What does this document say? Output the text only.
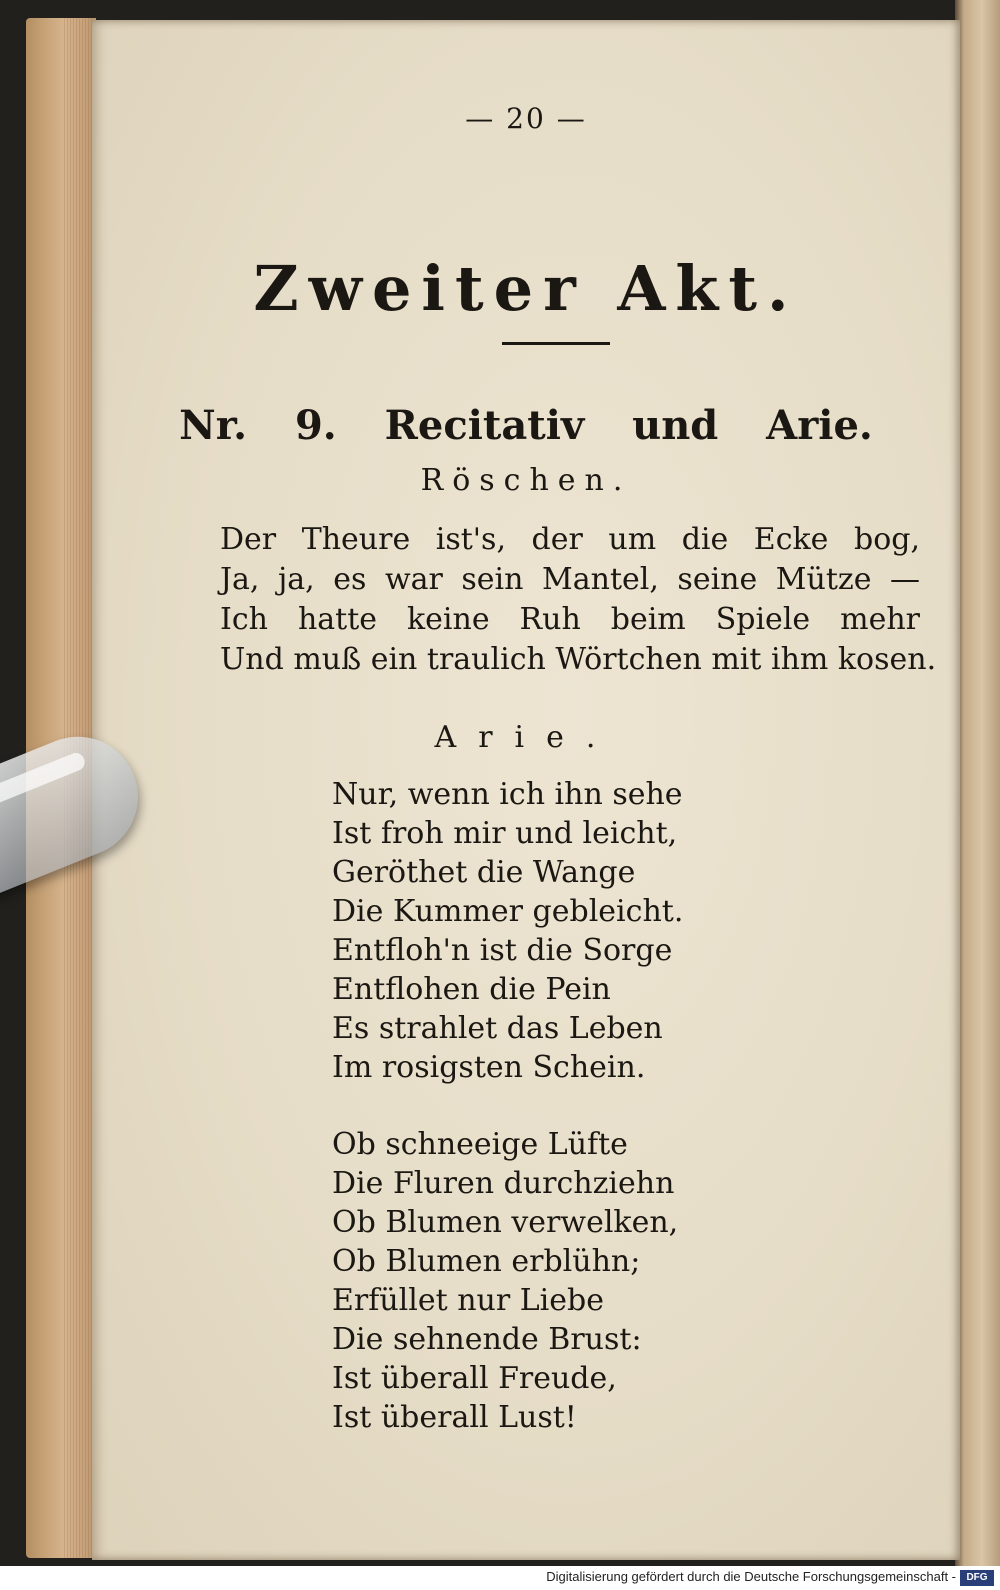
— 20 —
Zweiter Akt.
Nr. 9. Recitativ und Arie.
Röschen.
Der Theure ist's, der um die Ecke bog,
Ja, ja, es war sein Mantel, seine Mütze —
Ich hatte keine Ruh beim Spiele mehr
Und muß ein traulich Wörtchen mit ihm kosen.
Arie.
Nur, wenn ich ihn sehe
Ist froh mir und leicht,
Geröthet die Wange
Die Kummer gebleicht.
Entfloh'n ist die Sorge
Entflohen die Pein
Es strahlet das Leben
Im rosigsten Schein.
Ob schneeige Lüfte
Die Fluren durchziehn
Ob Blumen verwelken,
Ob Blumen erblühn;
Erfüllet nur Liebe
Die sehnende Brust:
Ist überall Freude,
Ist überall Lust!
Digitalisierung gefördert durch die Deutsche Forschungsgemeinschaft -	DFG
